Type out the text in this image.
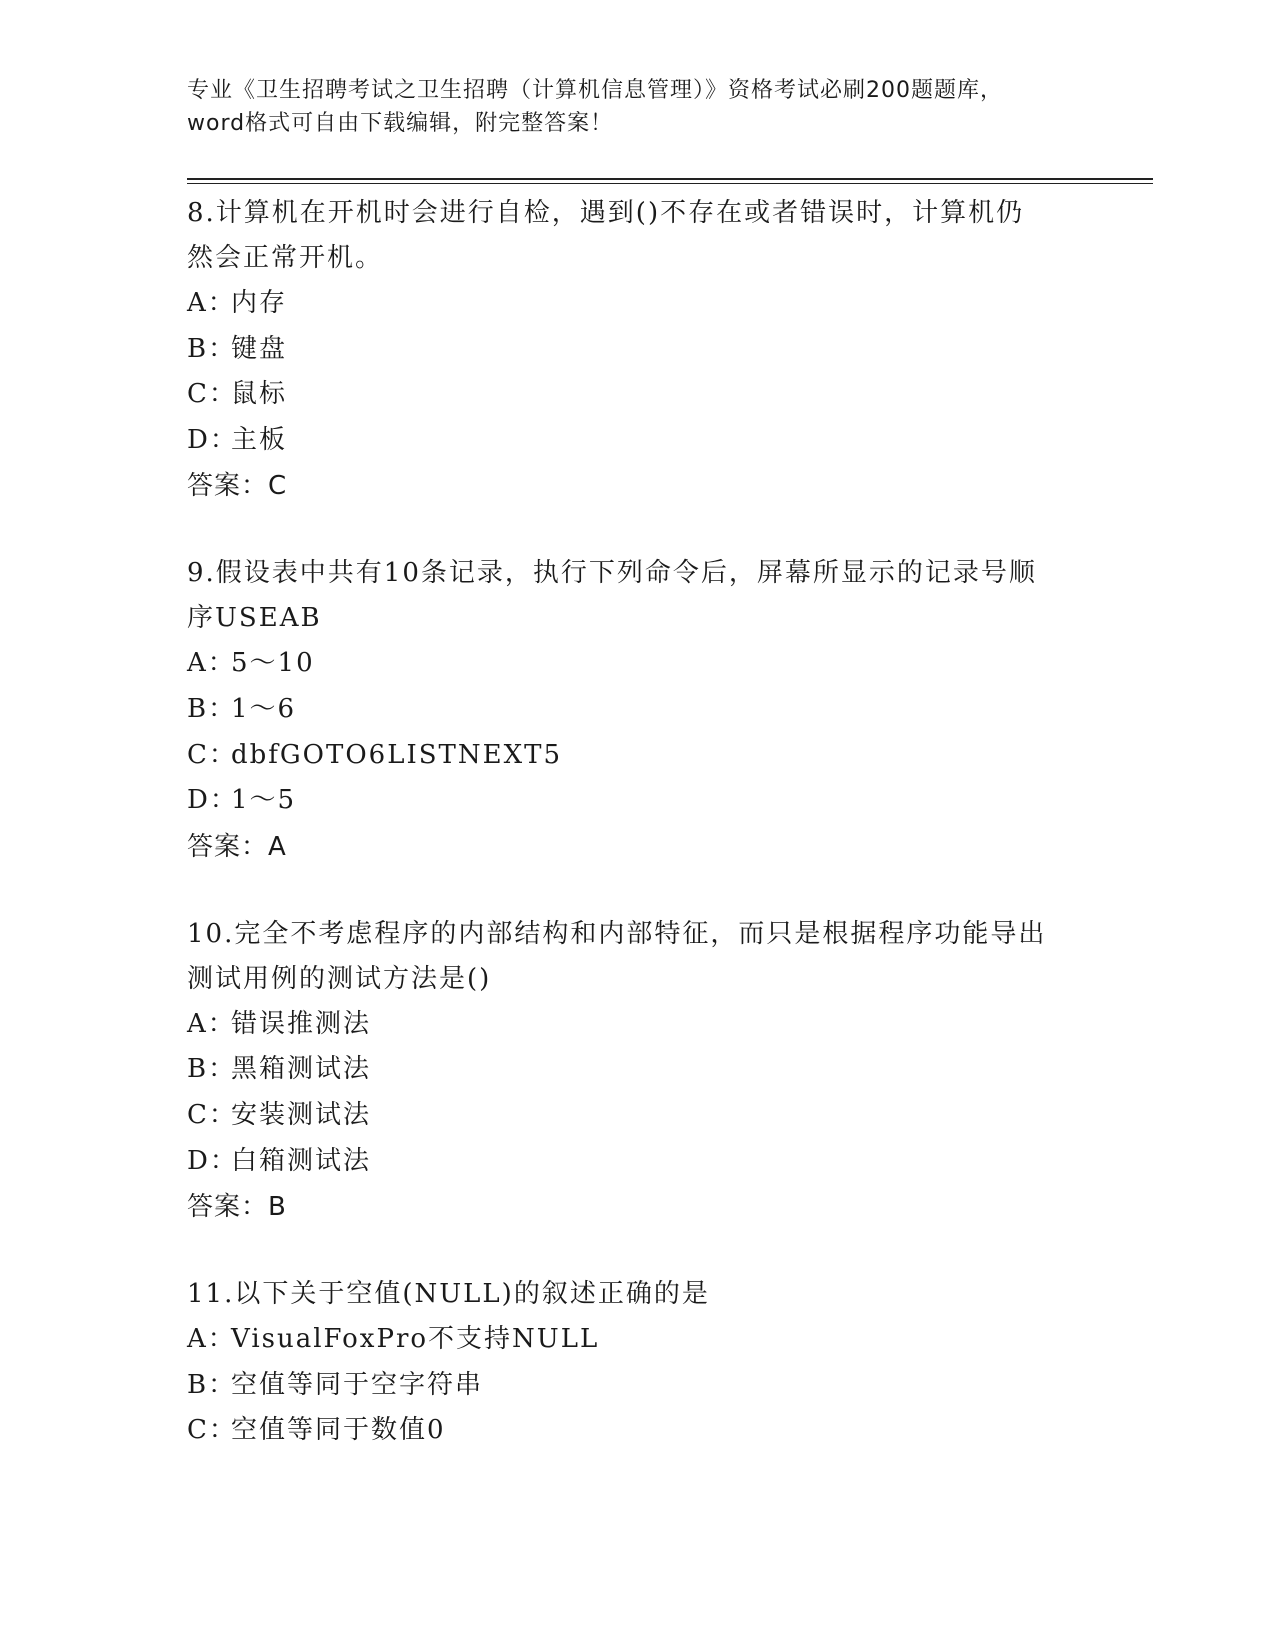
专业《卫生招聘考试之卫生招聘（计算机信息管理）》资格考试必刷200题题库，
word格式可自由下载编辑，附完整答案！
8.计算机在开机时会进行自检，遇到()不存在或者错误时，计算机仍
然会正常开机。
A：内存
B：键盘
C：鼠标
D：主板
答案：C
9.假设表中共有10条记录，执行下列命令后，屏幕所显示的记录号顺
序USEAB
A：5～10
B：1～6
C：dbfGOTO6LISTNEXT5
D：1～5
答案：A
10.完全不考虑程序的内部结构和内部特征，而只是根据程序功能导出
测试用例的测试方法是()
A：错误推测法
B：黑箱测试法
C：安装测试法
D：白箱测试法
答案：B
11.以下关于空值(NULL)的叙述正确的是
A：VisualFoxPro不支持NULL
B：空值等同于空字符串
C：空值等同于数值0
